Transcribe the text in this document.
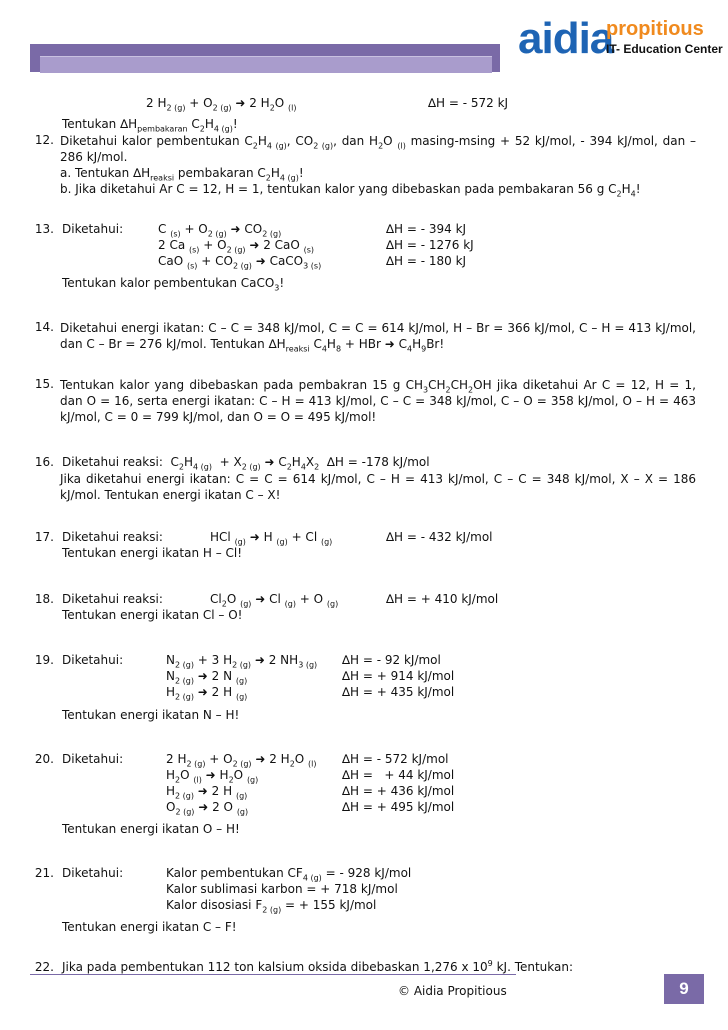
aidia
propitious
IT- Education Center
2 $H_{2 (g)} + O_{2 (g)}$ ➜ 2 $H_2O$ $_{(l)}$	∆H = - 572 kJ
Tentukan $\Delta H_{pembakaran}$ $C_2H_{4 (g)}$!
12. Diketahui kalor pembentukan $C_2H_{4 (g)}$, $CO_{2 (g)}$, dan $H_2O$ $_{(l)}$ masing-msing + 52 kJ/mol, - 394 kJ/mol, dan – 286 kJ/mol.
a. Tentukan $\Delta H_{reaksi}$ pembakaran $C_2H_{4 (g)}$!
b. Jika diketahui Ar C = 12, H = 1, tentukan kalor yang dibebaskan pada pembakaran 56 g $C_2H_4$!
13. Diketahui:	C $_{(s)} + O_{2 (g)}$ ➜ $CO_{2 (g)}$	∆H = - 394 kJ
2 Ca $_{(s)} + O_{2 (g)}$ ➜ 2 CaO $_{(s)}$	∆H = - 1276 kJ
CaO $_{(s)} + CO_{2 (g)}$ ➜ CaCO$_{3 (s)}$	∆H = - 180 kJ
Tentukan kalor pembentukan CaCO$_3$!
14. Diketahui energi ikatan: C – C = 348 kJ/mol, C = C = 614 kJ/mol, H – Br = 366 kJ/mol, C – H = 413 kJ/mol, dan C – Br = 276 kJ/mol. Tentukan $\Delta H_{reaksi}$ $C_4H_8$ + HBr ➜ $C_4H_9Br$!
15. Tentukan kalor yang dibebaskan pada pembakran 15 g $CH_3CH_2CH_2OH$ jika diketahui Ar C = 12, H = 1, dan O = 16, serta energi ikatan: C – H = 413 kJ/mol, C – C = 348 kJ/mol, C – O = 358 kJ/mol, O – H = 463 kJ/mol, C = 0 = 799 kJ/mol, dan O = O = 495 kJ/mol!
16. Diketahui reaksi:  $C_2H_{4 (g)} + X_{2 (g)}$ ➜ $C_2H_4X_2$  ∆H = -178 kJ/mol
Jika diketahui energi ikatan: C = C = 614 kJ/mol, C – H = 413 kJ/mol, C – C = 348 kJ/mol, X – X = 186 kJ/mol. Tentukan energi ikatan C – X!
17. Diketahui reaksi:	HCl $_{(g)}$ ➜ H $_{(g)}$ + Cl $_{(g)}$	∆H = - 432 kJ/mol
Tentukan energi ikatan H – Cl!
18. Diketahui reaksi:	$Cl_2O$ $_{(g)}$ ➜ Cl $_{(g)}$ + O $_{(g)}$	∆H = + 410 kJ/mol
Tentukan energi ikatan Cl – O!
19. Diketahui:	$N_{2 (g)} + 3$ $H_{2 (g)}$ ➜ 2 $NH_{3 (g)}$ ∆H = - 92 kJ/mol
$N_{2 (g)}$ ➜ 2 N $_{(g)}$	∆H = + 914 kJ/mol
$H_{2 (g)}$ ➜ 2 H $_{(g)}$	∆H = + 435 kJ/mol
Tentukan energi ikatan N – H!
20. Diketahui:	2 $H_{2 (g)} + O_{2 (g)}$ ➜ 2 $H_2O$ $_{(l)}$ ∆H = - 572 kJ/mol
$H_2O$ $_{(l)}$ ➜ $H_2O$ $_{(g)}$	∆H =   + 44 kJ/mol
$H_{2 (g)}$ ➜ 2 H $_{(g)}$	∆H = + 436 kJ/mol
$O_{2 (g)}$ ➜ 2 O $_{(g)}$	∆H = + 495 kJ/mol
Tentukan energi ikatan O – H!
21. Diketahui:	Kalor pembentukan $CF_{4 (g)}$ = - 928 kJ/mol
Kalor sublimasi karbon = + 718 kJ/mol
Kalor disosiasi $F_{2 (g)}$ = + 155 kJ/mol
Tentukan energi ikatan C – F!
22. Jika pada pembentukan 112 ton kalsium oksida dibebaskan 1,276 x $10^9$ kJ. Tentukan:
© Aidia Propitious	9
